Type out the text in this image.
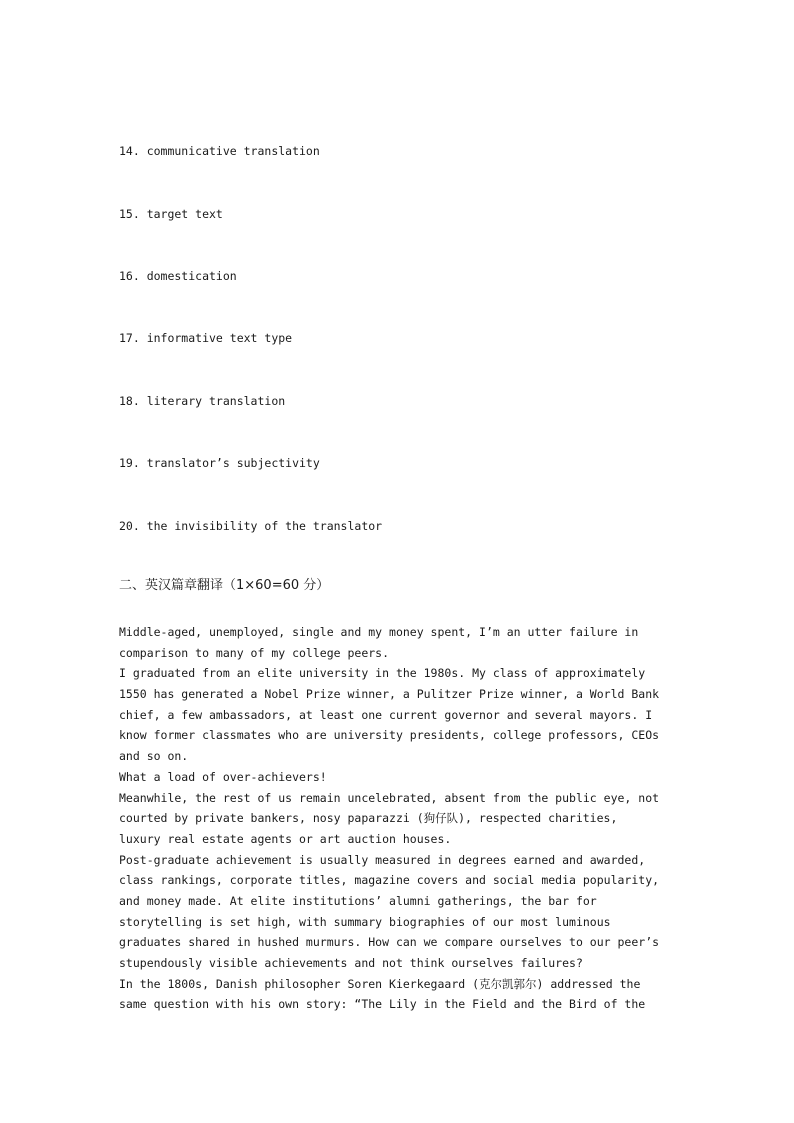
14. communicative translation
15. target text
16. domestication
17. informative text type
18. literary translation
19. translator’s subjectivity
20. the invisibility of the translator
二、英汉篇章翻译（1×60=60 分）
Middle-aged, unemployed, single and my money spent, I’m an utter failure in
comparison to many of my college peers.
I graduated from an elite university in the 1980s. My class of approximately
1550 has generated a Nobel Prize winner, a Pulitzer Prize winner, a World Bank
chief, a few ambassadors, at least one current governor and several mayors. I
know former classmates who are university presidents, college professors, CEOs
and so on.
What a load of over-achievers!
Meanwhile, the rest of us remain uncelebrated, absent from the public eye, not
courted by private bankers, nosy paparazzi (狗仔队), respected charities,
luxury real estate agents or art auction houses.
Post-graduate achievement is usually measured in degrees earned and awarded,
class rankings, corporate titles, magazine covers and social media popularity,
and money made. At elite institutions’ alumni gatherings, the bar for
storytelling is set high, with summary biographies of our most luminous
graduates shared in hushed murmurs. How can we compare ourselves to our peer’s
stupendously visible achievements and not think ourselves failures?
In the 1800s, Danish philosopher Soren Kierkegaard (克尔凯郭尔) addressed the
same question with his own story: “The Lily in the Field and the Bird of the
